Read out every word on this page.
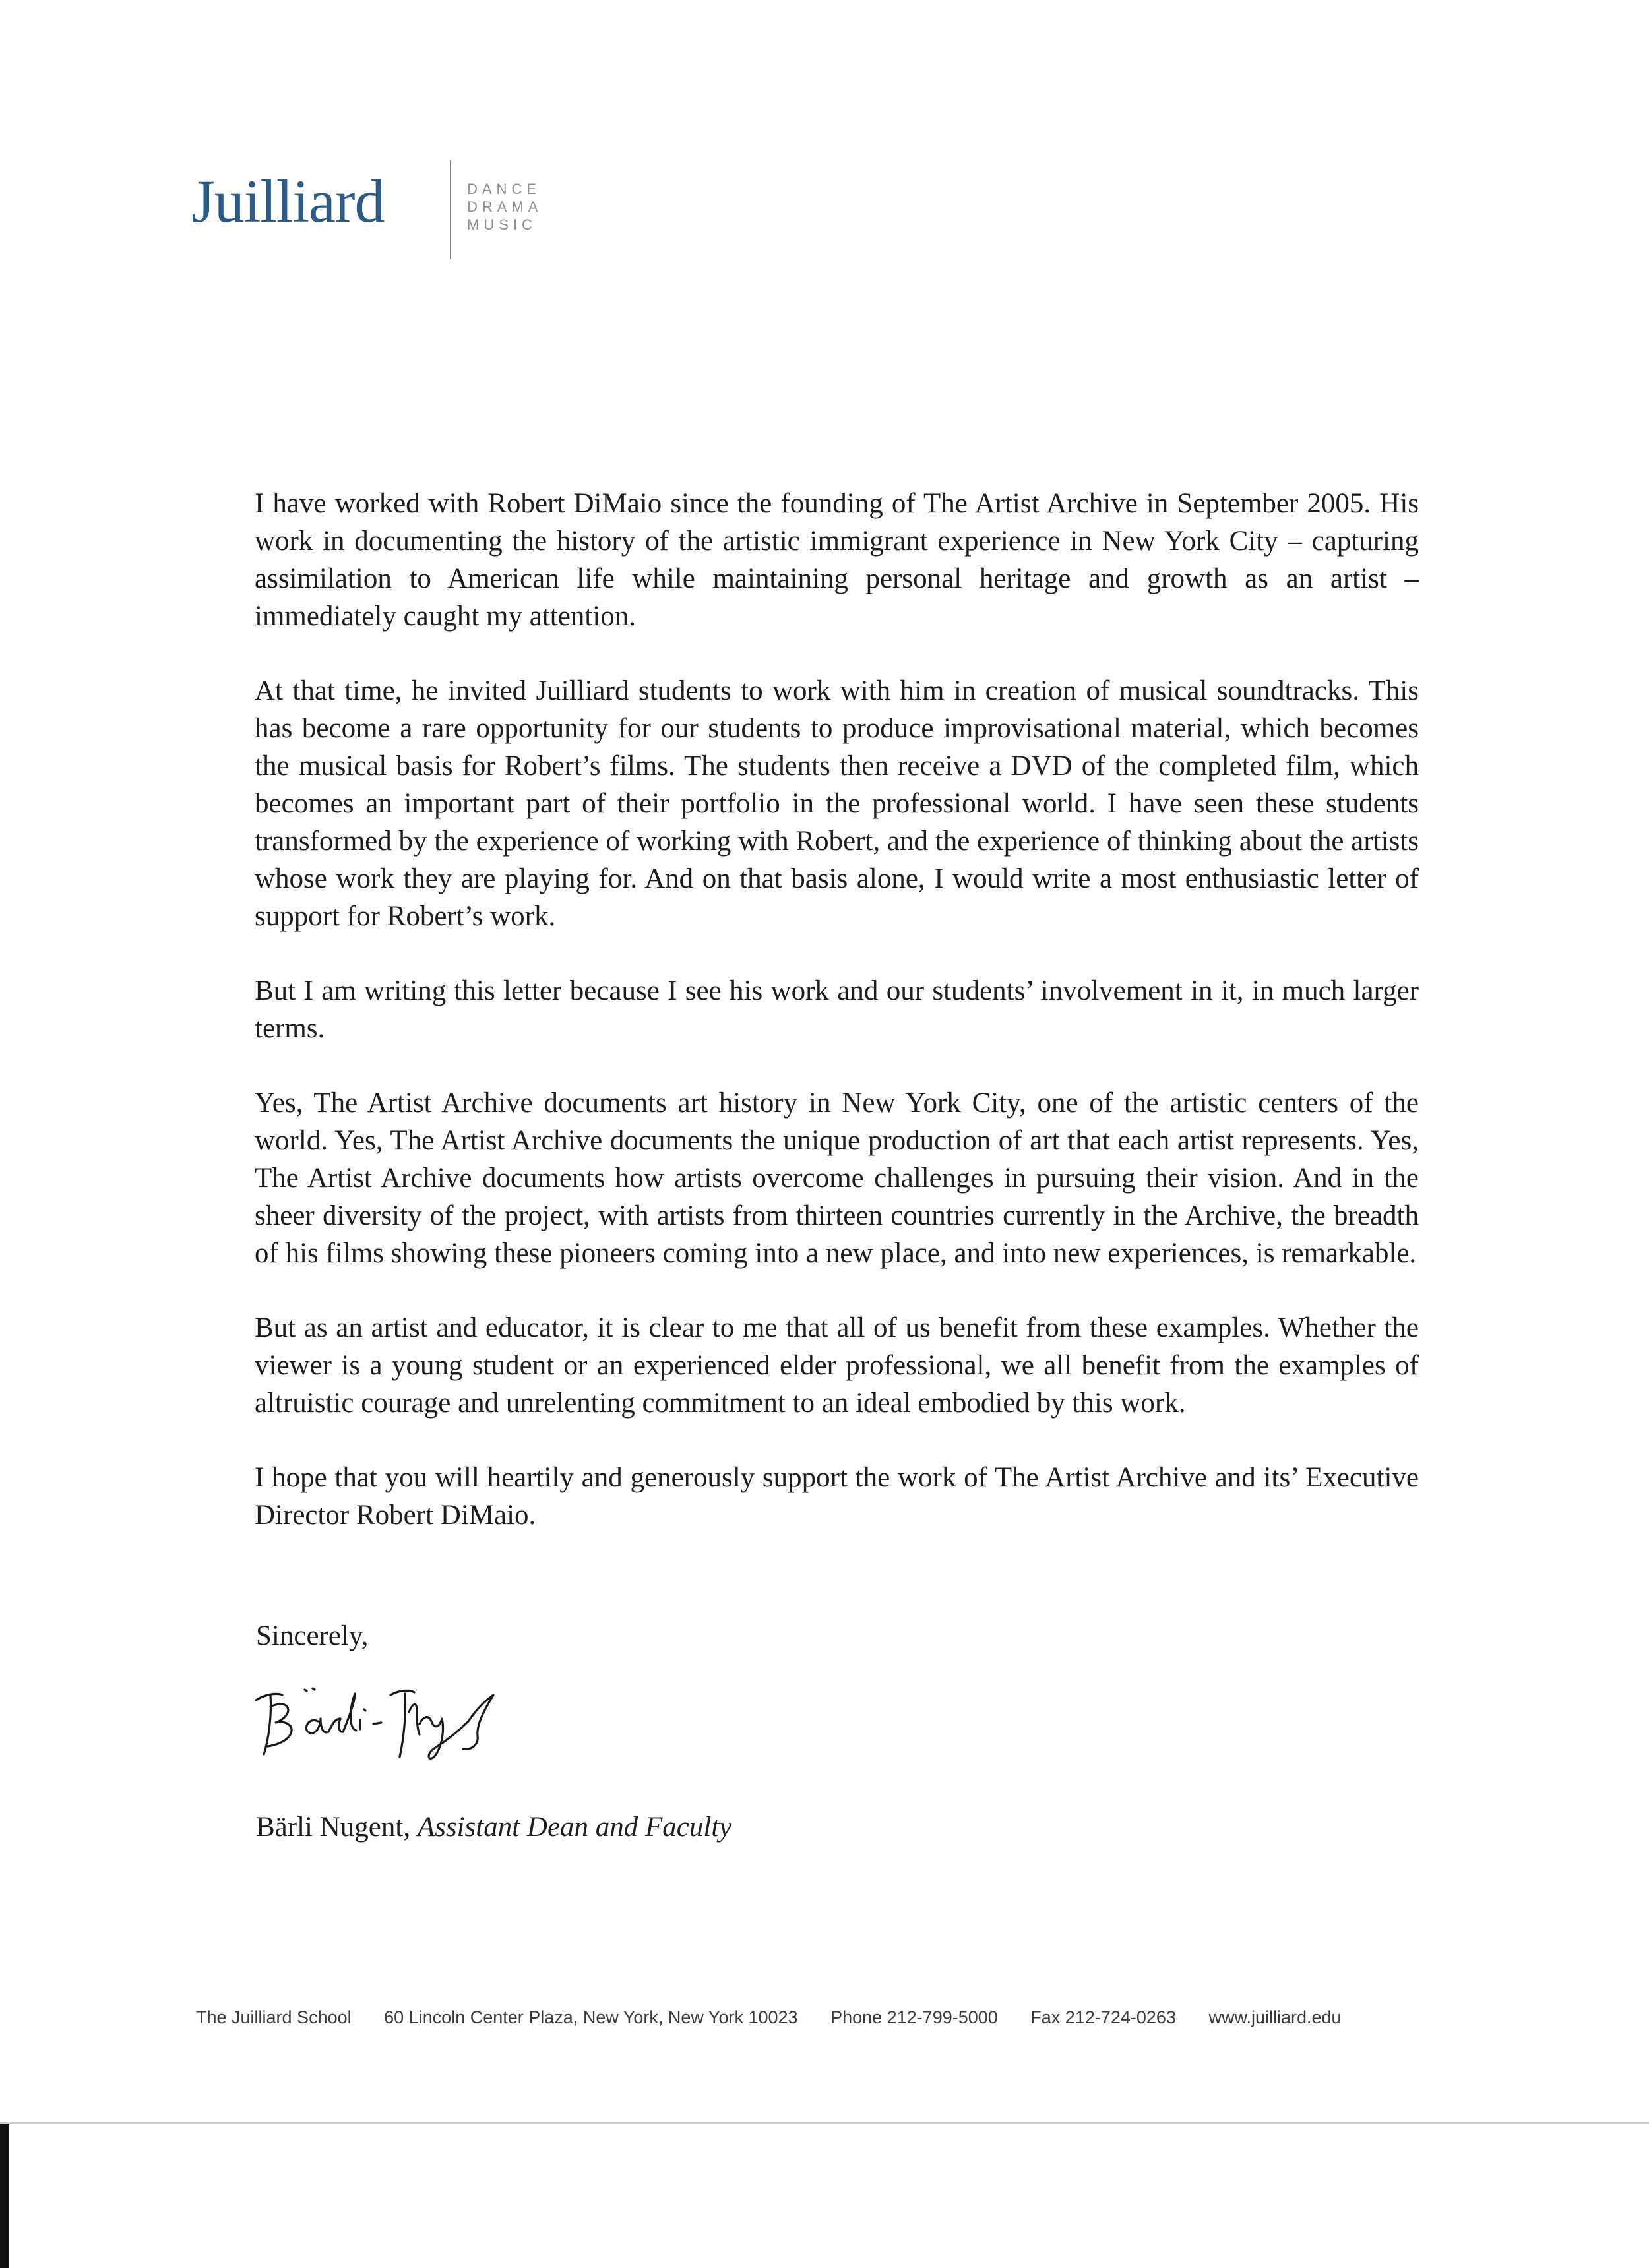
Juilliard	DANCE
DRAMA
MUSIC

I have worked with Robert DiMaio since the founding of The Artist Archive in September 2005. His work in documenting the history of the artistic immigrant experience in New York City – capturing assimilation to American life while maintaining personal heritage and growth as an artist – immediately caught my attention.

At that time, he invited Juilliard students to work with him in creation of musical soundtracks. This has become a rare opportunity for our students to produce improvisational material, which becomes the musical basis for Robert’s films. The students then receive a DVD of the completed film, which becomes an important part of their portfolio in the professional world. I have seen these students transformed by the experience of working with Robert, and the experience of thinking about the artists whose work they are playing for. And on that basis alone, I would write a most enthusiastic letter of support for Robert’s work.

But I am writing this letter because I see his work and our students’ involvement in it, in much larger terms.

Yes, The Artist Archive documents art history in New York City, one of the artistic centers of the world. Yes, The Artist Archive documents the unique production of art that each artist represents. Yes, The Artist Archive documents how artists overcome challenges in pursuing their vision. And in the sheer diversity of the project, with artists from thirteen countries currently in the Archive, the breadth of his films showing these pioneers coming into a new place, and into new experiences, is remarkable.

But as an artist and educator, it is clear to me that all of us benefit from these examples. Whether the viewer is a young student or an experienced elder professional, we all benefit from the examples of altruistic courage and unrelenting commitment to an ideal embodied by this work.

I hope that you will heartily and generously support the work of The Artist Archive and its’ Executive Director Robert DiMaio.

Sincerely,
Bärli Nugent, Assistant Dean and Faculty
The Juilliard School 60 Lincoln Center Plaza, New York, New York 10023 Phone 212-799-5000 Fax 212-724-0263 www.juilliard.edu
